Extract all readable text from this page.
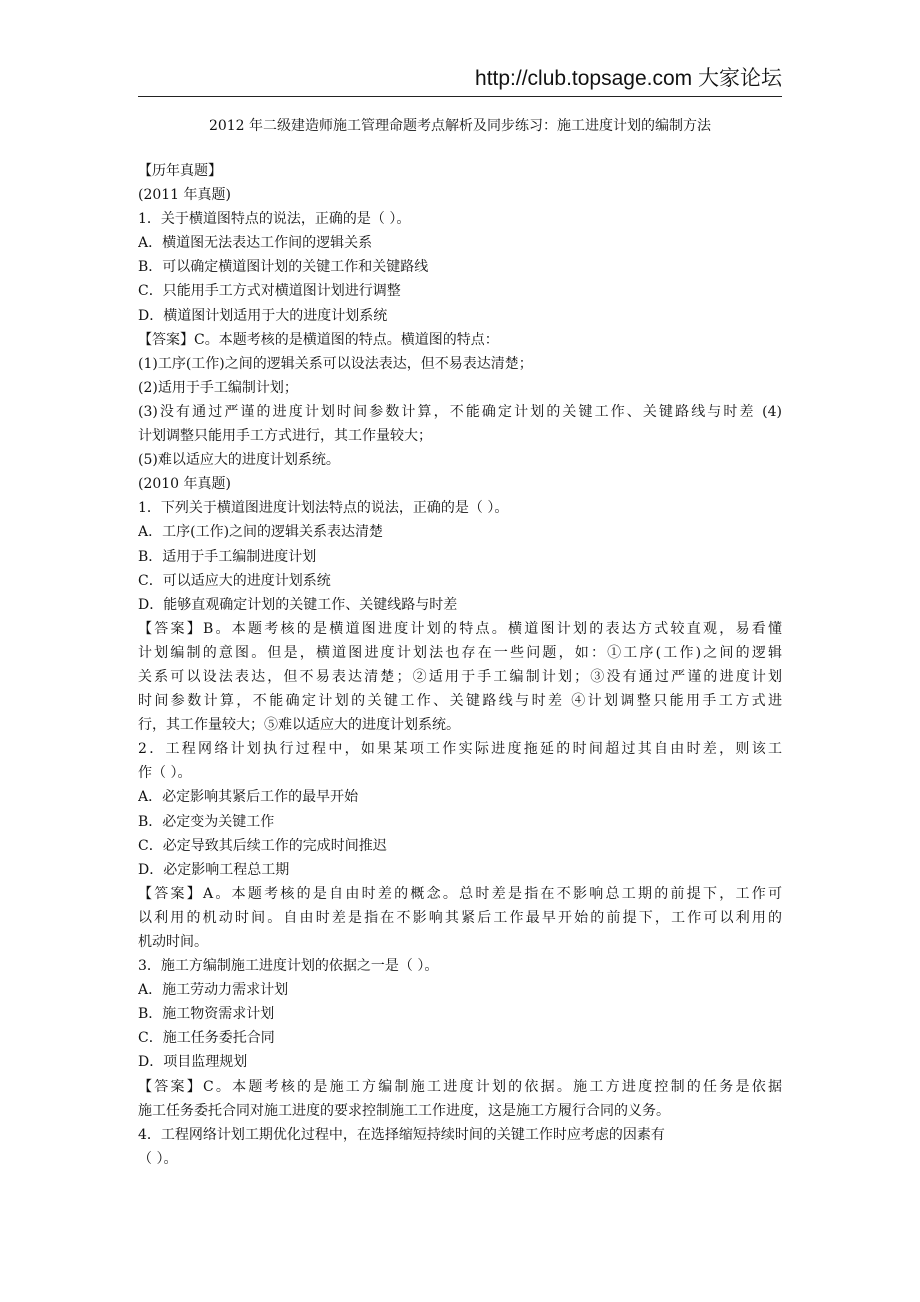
http://club.topsage.com 大家论坛
2012 年二级建造师施工管理命题考点解析及同步练习：施工进度计划的编制方法
【历年真题】
(2011 年真题)
1．关于横道图特点的说法，正确的是（ ）。
A．横道图无法表达工作间的逻辑关系
B．可以确定横道图计划的关键工作和关键路线
C．只能用手工方式对横道图计划进行调整
D．横道图计划适用于大的进度计划系统
【答案】C。本题考核的是横道图的特点。横道图的特点：
(1)工序(工作)之间的逻辑关系可以设法表达，但不易表达清楚；
(2)适用于手工编制计划；
(3)没有通过严谨的进度计划时间参数计算，不能确定计划的关键工作、关键路线与时差 (4)
计划调整只能用手工方式进行，其工作量较大；
(5)难以适应大的进度计划系统。
(2010 年真题)
1．下列关于横道图进度计划法特点的说法，正确的是（ ）。
A．工序(工作)之间的逻辑关系表达清楚
B．适用于手工编制进度计划
C．可以适应大的进度计划系统
D．能够直观确定计划的关键工作、关键线路与时差
【答案】B。本题考核的是横道图进度计划的特点。横道图计划的表达方式较直观，易看懂
计划编制的意图。但是，横道图进度计划法也存在一些问题，如：①工序(工作)之间的逻辑
关系可以设法表达，但不易表达清楚；②适用于手工编制计划；③没有通过严谨的进度计划
时间参数计算，不能确定计划的关键工作、关键路线与时差 ④计划调整只能用手工方式进
行，其工作量较大；⑤难以适应大的进度计划系统。
2．工程网络计划执行过程中，如果某项工作实际进度拖延的时间超过其自由时差，则该工
作（ ）。
A．必定影响其紧后工作的最早开始
B．必定变为关键工作
C．必定导致其后续工作的完成时间推迟
D．必定影响工程总工期
【答案】A。本题考核的是自由时差的概念。总时差是指在不影响总工期的前提下，工作可
以利用的机动时间。自由时差是指在不影响其紧后工作最早开始的前提下，工作可以利用的
机动时间。
3．施工方编制施工进度计划的依据之一是（ ）。
A．施工劳动力需求计划
B．施工物资需求计划
C．施工任务委托合同
D．项目监理规划
【答案】C。本题考核的是施工方编制施工进度计划的依据。施工方进度控制的任务是依据
施工任务委托合同对施工进度的要求控制施工工作进度，这是施工方履行合同的义务。
4．工程网络计划工期优化过程中，在选择缩短持续时间的关键工作时应考虑的因素有
（ ）。
